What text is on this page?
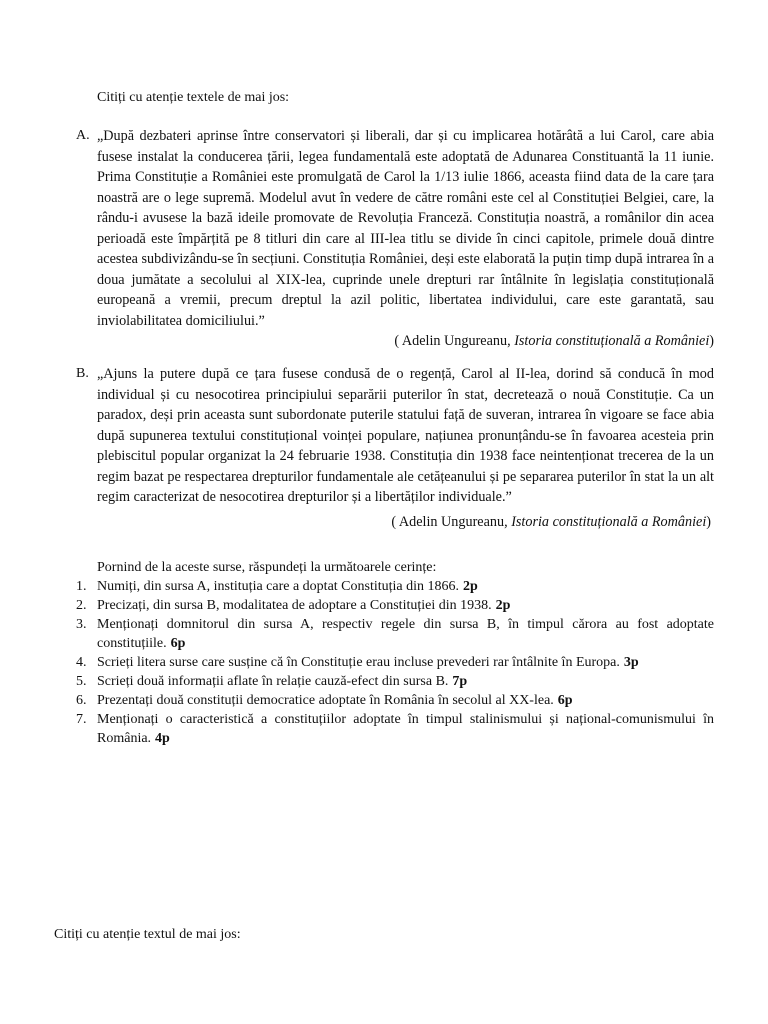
Citiți cu atenție textele de mai jos:
A. „După dezbateri aprinse între conservatori și liberali, dar și cu implicarea hotărâtă a lui Carol, care abia fusese instalat la conducerea țării, legea fundamentală este adoptată de Adunarea Constituantă la 11 iunie. Prima Constituție a României este promulgată de Carol la 1/13 iulie 1866, aceasta fiind data de la care țara noastră are o lege supremă. Modelul avut în vedere de către români este cel al Constituției Belgiei, care, la rându-i avusese la bază ideile promovate de Revoluția Franceză. Constituția noastră, a românilor din acea perioadă este împărțită pe 8 titluri din care al III-lea titlu se divide în cinci capitole, primele două dintre acestea subdivizându-se în secțiuni. Constituția României, deși este elaborată la puțin timp după intrarea în a doua jumătate a secolului al XIX-lea, cuprinde unele drepturi rar întâlnite în legislația constituțională europeană a vremii, precum dreptul la azil politic, libertatea individului, care este garantată, sau inviolabilitatea domiciliului.”
( Adelin Ungureanu, Istoria constituțională a României)
B. „Ajuns la putere după ce țara fusese condusă de o regență, Carol al II-lea, dorind să conducă în mod individual și cu nesocotirea principiului separării puterilor în stat, decretează o nouă Constituție. Ca un paradox, deși prin aceasta sunt subordonate puterile statului față de suveran, intrarea în vigoare se face abia după supunerea textului constituțional voinței populare, națiunea pronunțându-se în favoarea acesteia prin plebiscitul popular organizat la 24 februarie 1938. Constituția din 1938 face neintenționat trecerea de la un regim bazat pe respectarea drepturilor fundamentale ale cetățeanului și pe separarea puterilor în stat la un alt regim caracterizat de nesocotirea drepturilor și a libertăților individuale.”
( Adelin Ungureanu, Istoria constituțională a României)
Pornind de la aceste surse, răspundeți la următoarele cerințe:
1. Numiți, din sursa A, instituția care a doptat Constituția din 1866. 2p
2. Precizați, din sursa B, modalitatea de adoptare a Constituției din 1938. 2p
3. Menționați domnitorul din sursa A, respectiv regele din sursa B, în timpul cărora au fost adoptate constituțiile. 6p
4. Scrieți litera surse care susține că în Constituție erau incluse prevederi rar întâlnite în Europa. 3p
5. Scrieți două informații aflate în relație cauză-efect din sursa B. 7p
6. Prezentați două constituții democratice adoptate în România în secolul al XX-lea. 6p
7. Menționați o caracteristică a constituțiilor adoptate în timpul stalinismului și național-comunismului în România. 4p
Citiți cu atenție textul de mai jos:
